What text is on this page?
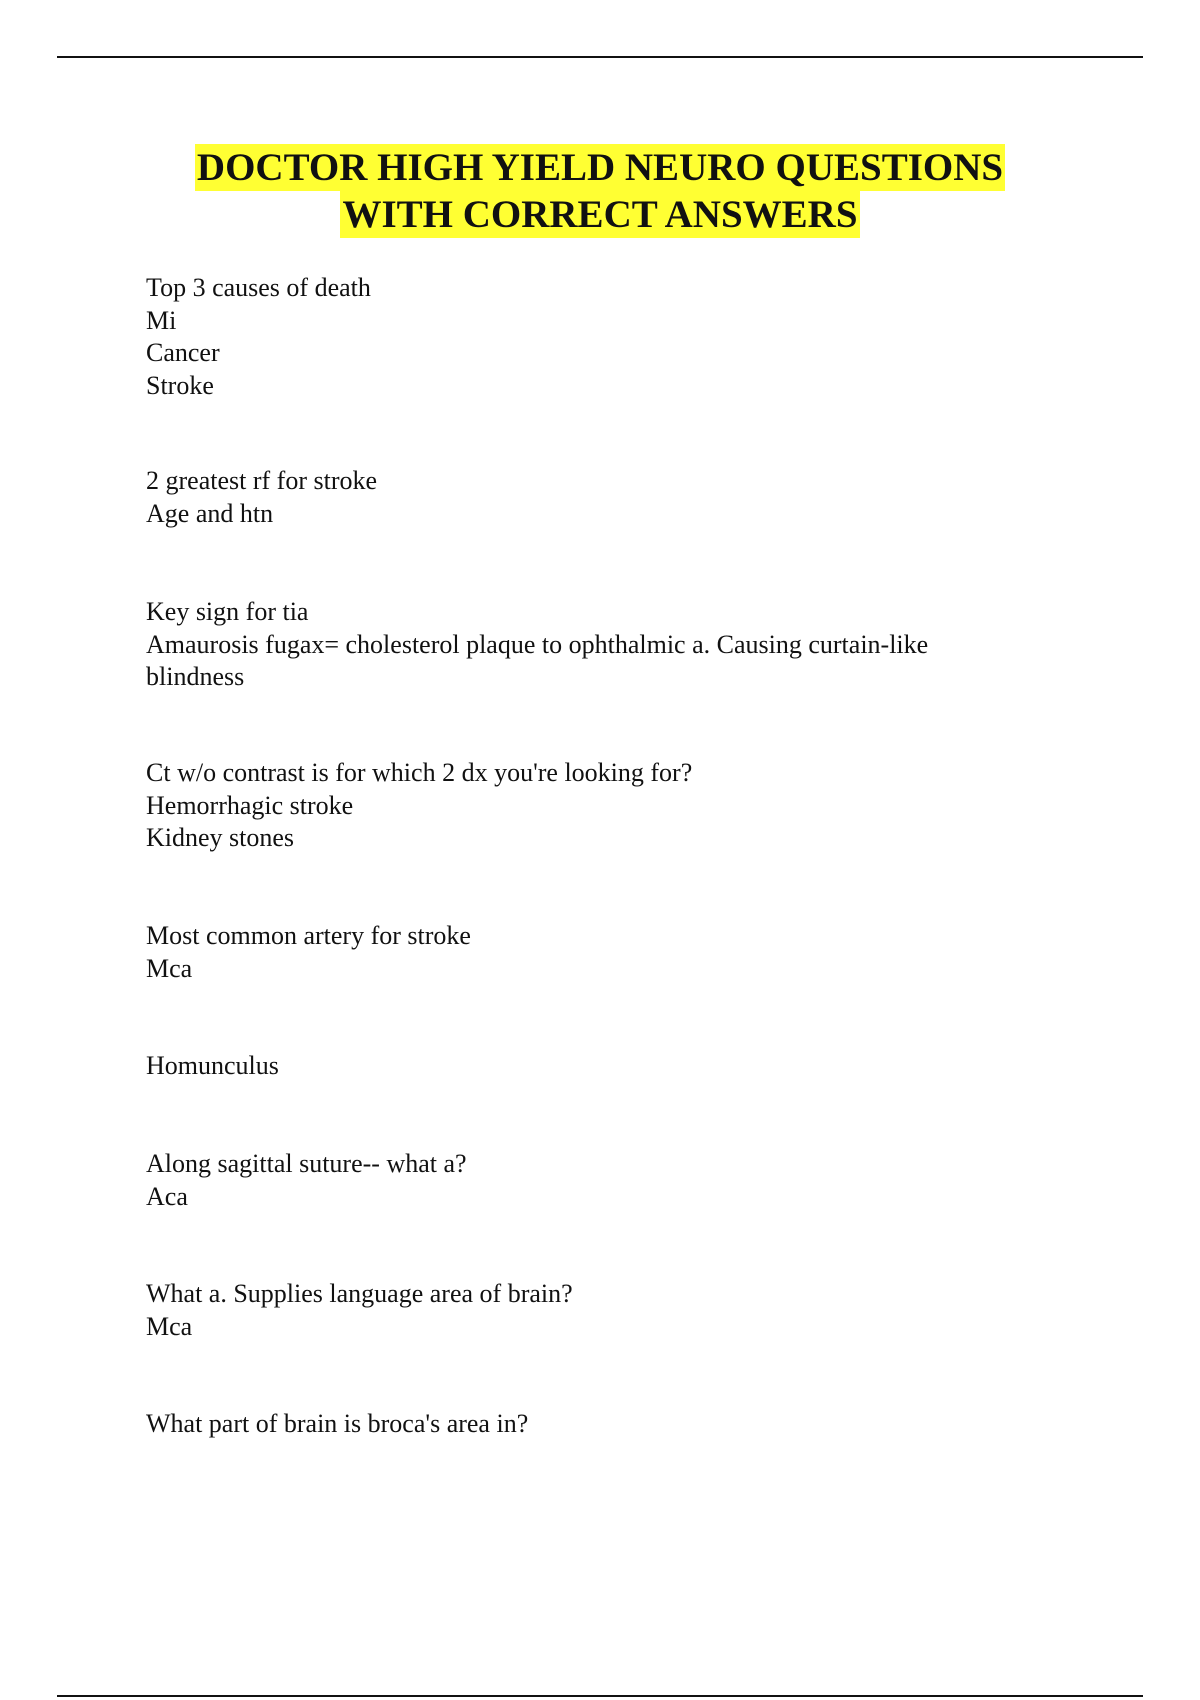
DOCTOR HIGH YIELD NEURO QUESTIONS
WITH CORRECT ANSWERS
Top 3 causes of death
Mi
Cancer
Stroke
2 greatest rf for stroke
Age and htn
Key sign for tia
Amaurosis fugax= cholesterol plaque to ophthalmic a. Causing curtain-like
blindness
Ct w/o contrast is for which 2 dx you're looking for?
Hemorrhagic stroke
Kidney stones
Most common artery for stroke
Mca
Homunculus
Along sagittal suture-- what a?
Aca
What a. Supplies language area of brain?
Mca
What part of brain is broca's area in?
